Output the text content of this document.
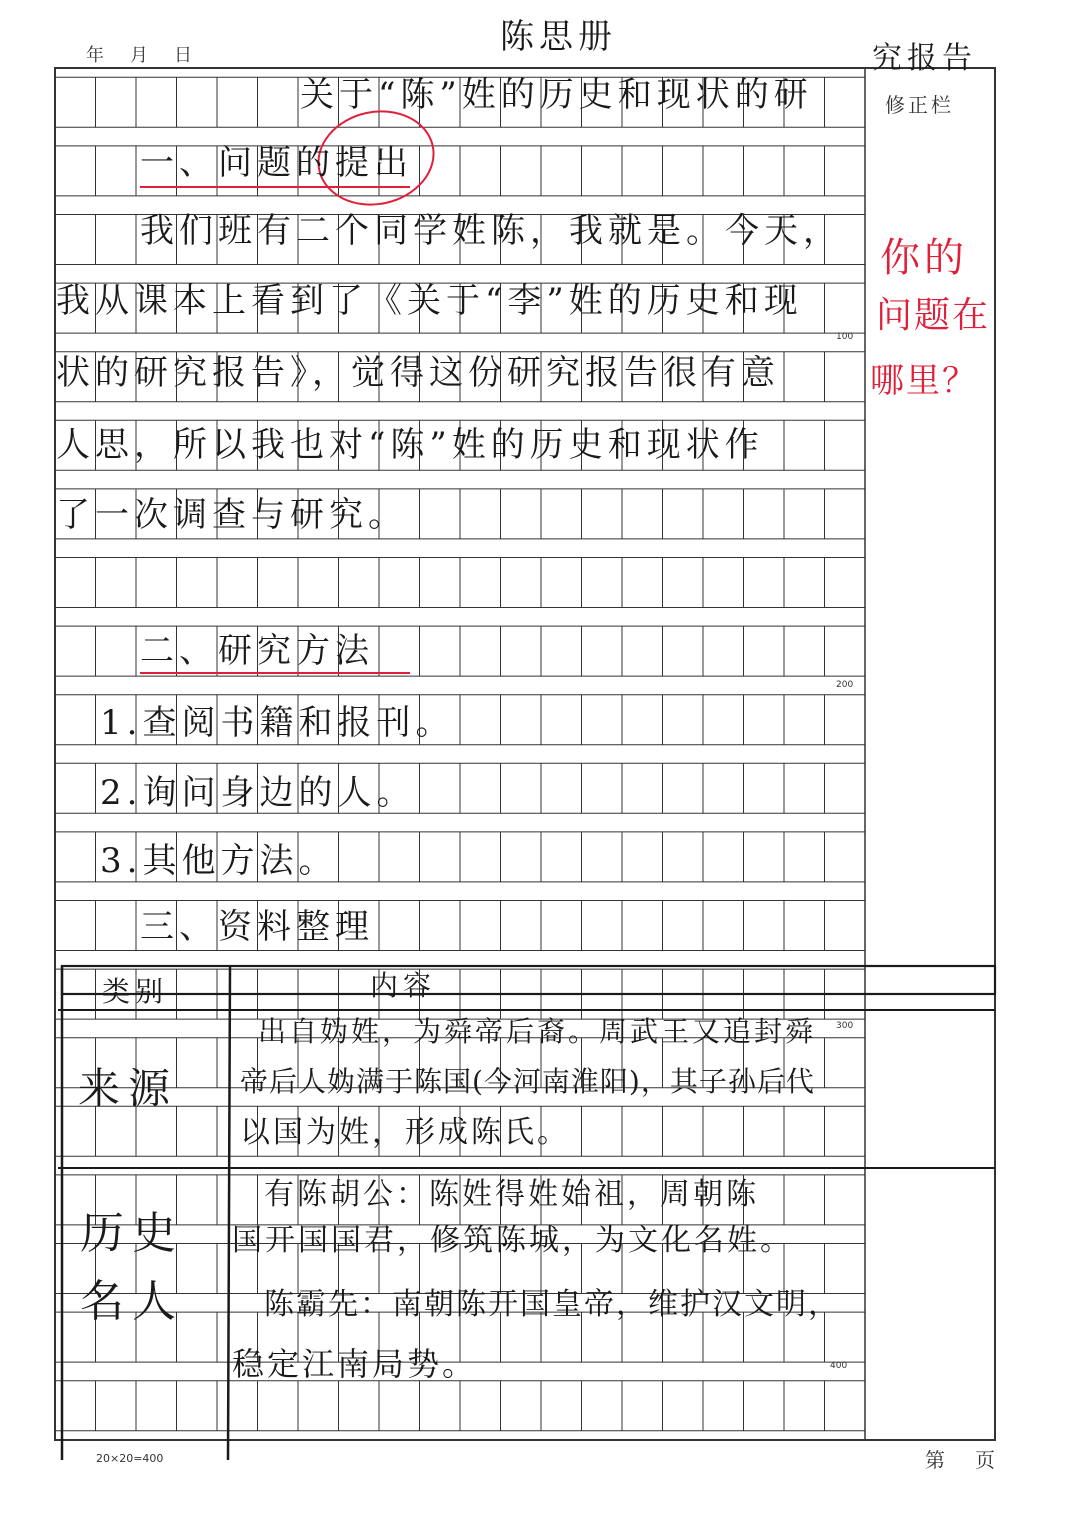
年　月　日
修正栏
100
200
300
400
20×20=400	第 页
陈思册
关于“陈”姓的历史和现状的研
究报告
一、问题的提出
我们班有二个同学姓陈，我就是。今天，
我从课本上看到了《关于“李”姓的历史和现
状的研究报告》，觉得这份研究报告很有意
人思，所以我也对“陈”姓的历史和现状作
了一次调查与研究。
二、研究方法
1.查阅书籍和报刊。
2.询问身边的人。
3.其他方法。
三、资料整理
类别	内容
来源
出自妫姓，为舜帝后裔。周武王又追封舜
帝后人妫满于陈国(今河南淮阳)，其子孙后代
以国为姓，形成陈氏。
历史
名人
有陈胡公：陈姓得姓始祖，周朝陈
国开国国君，修筑陈城，为文化名姓。
陈霸先：南朝陈开国皇帝，维护汉文明，
稳定江南局势。
你的
问题在
哪里？
